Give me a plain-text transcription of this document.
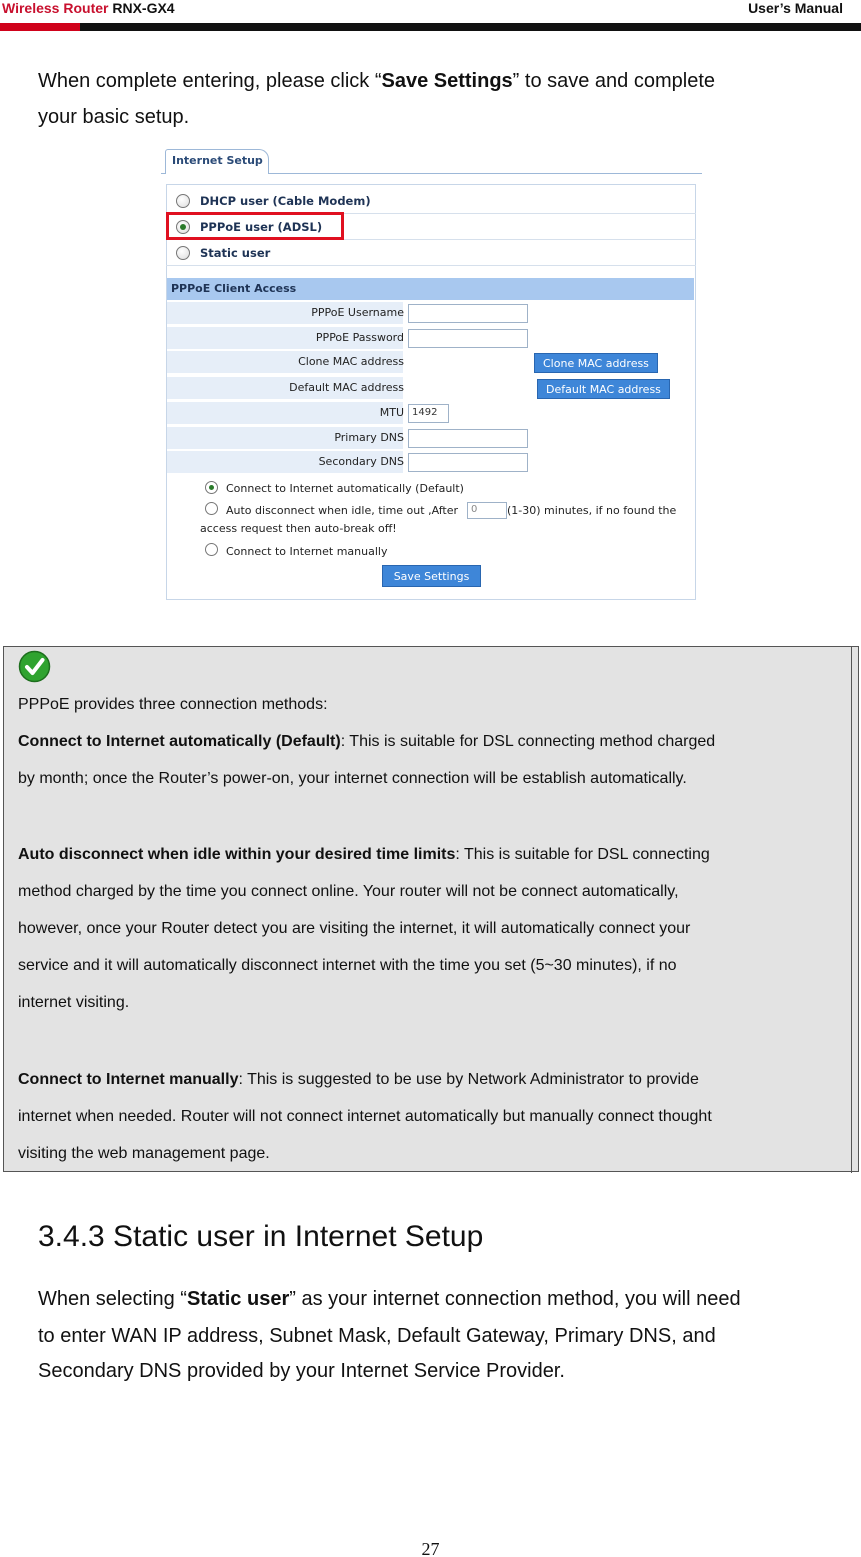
Wireless Router RNX-GX4	User’s Manual
When complete entering, please click “Save Settings” to save and complete
your basic setup.
Internet Setup
DHCP user (Cable Modem)
PPPoE user (ADSL)
Static user
PPPoE Client Access
PPPoE Username
PPPoE Password
Clone MAC address	Clone MAC address
Default MAC address	Default MAC address
MTU 1492
Primary DNS
Secondary DNS
Connect to Internet automatically (Default)
Auto disconnect when idle, time out ,After	0	(1-30) minutes, if no found the
access request then auto-break off!
Connect to Internet manually
Save Settings
PPPoE provides three connection methods:
Connect to Internet automatically (Default): This is suitable for DSL connecting method charged
by month; once the Router’s power-on, your internet connection will be establish automatically.
Auto disconnect when idle within your desired time limits: This is suitable for DSL connecting
method charged by the time you connect online. Your router will not be connect automatically,
however, once your Router detect you are visiting the internet, it will automatically connect your
service and it will automatically disconnect internet with the time you set (5~30 minutes), if no
internet visiting.
Connect to Internet manually: This is suggested to be use by Network Administrator to provide
internet when needed. Router will not connect internet automatically but manually connect thought
visiting the web management page.
3.4.3 Static user in Internet Setup
When selecting “Static user” as your internet connection method, you will need
to enter WAN IP address, Subnet Mask, Default Gateway, Primary DNS, and
Secondary DNS provided by your Internet Service Provider.
27
